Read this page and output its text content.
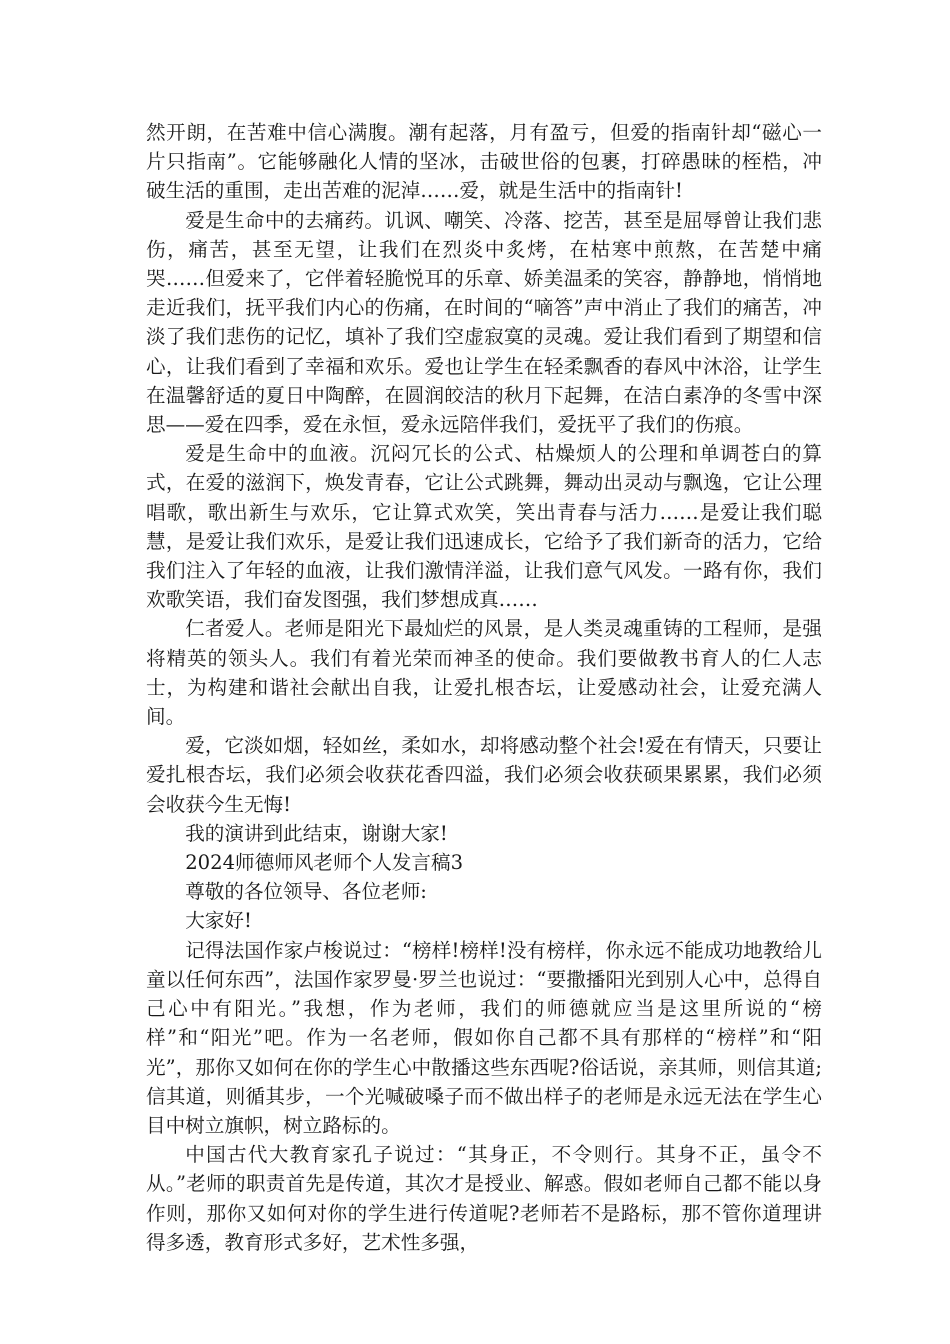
然开朗，在苦难中信心满腹。潮有起落，月有盈亏，但爱的指南针却“磁心一片只指南”。它能够融化人情的坚冰，击破世俗的包裹，打碎愚昧的桎梏，冲破生活的重围，走出苦难的泥淖……爱，就是生活中的指南针!

爱是生命中的去痛药。讥讽、嘲笑、冷落、挖苦，甚至是屈辱曾让我们悲伤，痛苦，甚至无望，让我们在烈炎中炙烤，在枯寒中煎熬，在苦楚中痛哭……但爱来了，它伴着轻脆悦耳的乐章、娇美温柔的笑容，静静地，悄悄地走近我们，抚平我们内心的伤痛，在时间的“嘀答”声中消止了我们的痛苦，冲淡了我们悲伤的记忆，填补了我们空虚寂寞的灵魂。爱让我们看到了期望和信心，让我们看到了幸福和欢乐。爱也让学生在轻柔飘香的春风中沐浴，让学生在温馨舒适的夏日中陶醉，在圆润皎洁的秋月下起舞，在洁白素净的冬雪中深思——爱在四季，爱在永恒，爱永远陪伴我们，爱抚平了我们的伤痕。

爱是生命中的血液。沉闷冗长的公式、枯燥烦人的公理和单调苍白的算式，在爱的滋润下，焕发青春，它让公式跳舞，舞动出灵动与飘逸，它让公理唱歌，歌出新生与欢乐，它让算式欢笑，笑出青春与活力……是爱让我们聪慧，是爱让我们欢乐，是爱让我们迅速成长，它给予了我们新奇的活力，它给我们注入了年轻的血液，让我们激情洋溢，让我们意气风发。一路有你，我们欢歌笑语，我们奋发图强，我们梦想成真……

仁者爱人。老师是阳光下最灿烂的风景，是人类灵魂重铸的工程师，是强将精英的领头人。我们有着光荣而神圣的使命。我们要做教书育人的仁人志士，为构建和谐社会献出自我，让爱扎根杏坛，让爱感动社会，让爱充满人间。

爱，它淡如烟，轻如丝，柔如水，却将感动整个社会!爱在有情天，只要让爱扎根杏坛，我们必须会收获花香四溢，我们必须会收获硕果累累，我们必须会收获今生无悔!

我的演讲到此结束，谢谢大家!

2024师德师风老师个人发言稿3

尊敬的各位领导、各位老师:

大家好!

记得法国作家卢梭说过：“榜样!榜样!没有榜样，你永远不能成功地教给儿童以任何东西”，法国作家罗曼·罗兰也说过：“要撒播阳光到别人心中，总得自己心中有阳光。”我想，作为老师，我们的师德就应当是这里所说的“榜样”和“阳光”吧。作为一名老师，假如你自己都不具有那样的“榜样”和“阳光”，那你又如何在你的学生心中散播这些东西呢?俗话说，亲其师，则信其道;信其道，则循其步，一个光喊破嗓子而不做出样子的老师是永远无法在学生心目中树立旗帜，树立路标的。

中国古代大教育家孔子说过：“其身正，不令则行。其身不正，虽令不从。”老师的职责首先是传道，其次才是授业、解惑。假如老师自己都不能以身作则，那你又如何对你的学生进行传道呢?老师若不是路标，那不管你道理讲得多透，教育形式多好，艺术性多强，
